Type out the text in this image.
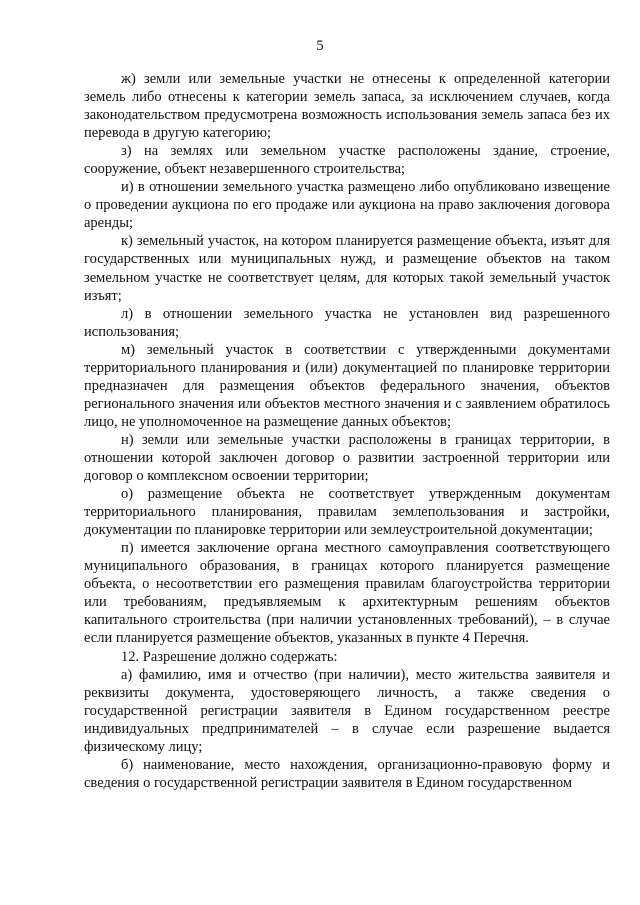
5

ж) земли или земельные участки не отнесены к определенной категории земель либо отнесены к категории земель запаса, за исключением случаев, когда законодательством предусмотрена возможность использования земель запаса без их перевода в другую категорию;

з) на землях или земельном участке расположены здание, строение, сооружение, объект незавершенного строительства;

и) в отношении земельного участка размещено либо опубликовано извещение о проведении аукциона по его продаже или аукциона на право заключения договора аренды;

к) земельный участок, на котором планируется размещение объекта, изъят для государственных или муниципальных нужд, и размещение объектов на таком земельном участке не соответствует целям, для которых такой земельный участок изъят;

л) в отношении земельного участка не установлен вид разрешенного использования;

м) земельный участок в соответствии с утвержденными документами территориального планирования и (или) документацией по планировке территории предназначен для размещения объектов федерального значения, объектов регионального значения или объектов местного значения и с заявлением обратилось лицо, не уполномоченное на размещение данных объектов;

н) земли или земельные участки расположены в границах территории, в отношении которой заключен договор о развитии застроенной территории или договор о комплексном освоении территории;

о) размещение объекта не соответствует утвержденным документам территориального планирования, правилам землепользования и застройки, документации по планировке территории или землеустроительной документации;

п) имеется заключение органа местного самоуправления соответствующего муниципального образования, в границах которого планируется размещение объекта, о несоответствии его размещения правилам благоустройства территории или требованиям, предъявляемым к архитектурным решениям объектов капитального строительства (при наличии установленных требований), – в случае если планируется размещение объектов, указанных в пункте 4 Перечня.

12. Разрешение должно содержать:

а) фамилию, имя и отчество (при наличии), место жительства заявителя и реквизиты документа, удостоверяющего личность, а также сведения о государственной регистрации заявителя в Едином государственном реестре индивидуальных предпринимателей – в случае если разрешение выдается физическому лицу;

б) наименование, место нахождения, организационно-правовую форму и сведения о государственной регистрации заявителя в Едином государственном
